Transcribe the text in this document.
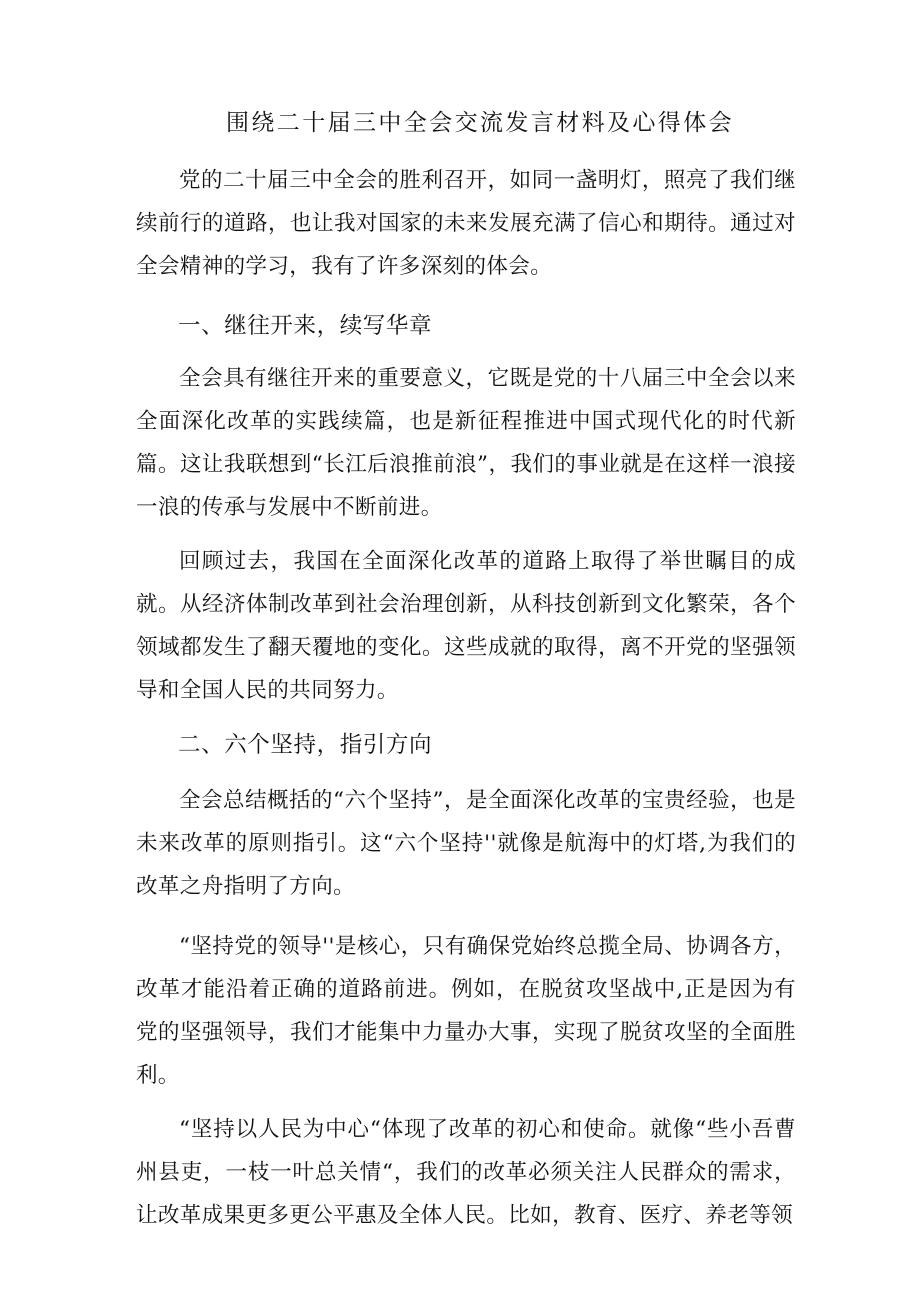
围绕二十届三中全会交流发言材料及心得体会

党的二十届三中全会的胜利召开，如同一盏明灯，照亮了我们继续前行的道路，也让我对国家的未来发展充满了信心和期待。通过对全会精神的学习，我有了许多深刻的体会。

一、继往开来，续写华章

全会具有继往开来的重要意义，它既是党的十八届三中全会以来全面深化改革的实践续篇，也是新征程推进中国式现代化的时代新篇。这让我联想到“长江后浪推前浪”，我们的事业就是在这样一浪接一浪的传承与发展中不断前进。

回顾过去，我国在全面深化改革的道路上取得了举世瞩目的成就。从经济体制改革到社会治理创新，从科技创新到文化繁荣，各个领域都发生了翻天覆地的变化。这些成就的取得，离不开党的坚强领导和全国人民的共同努力。

二、六个坚持，指引方向

全会总结概括的“六个坚持”，是全面深化改革的宝贵经验，也是未来改革的原则指引。这“六个坚持''就像是航海中的灯塔,为我们的改革之舟指明了方向。

“坚持党的领导''是核心，只有确保党始终总揽全局、协调各方，改革才能沿着正确的道路前进。例如，在脱贫攻坚战中,正是因为有党的坚强领导，我们才能集中力量办大事，实现了脱贫攻坚的全面胜利。

“坚持以人民为中心“体现了改革的初心和使命。就像“些小吾曹州县吏，一枝一叶总关情“，我们的改革必须关注人民群众的需求，让改革成果更多更公平惠及全体人民。比如，教育、医疗、养老等领
